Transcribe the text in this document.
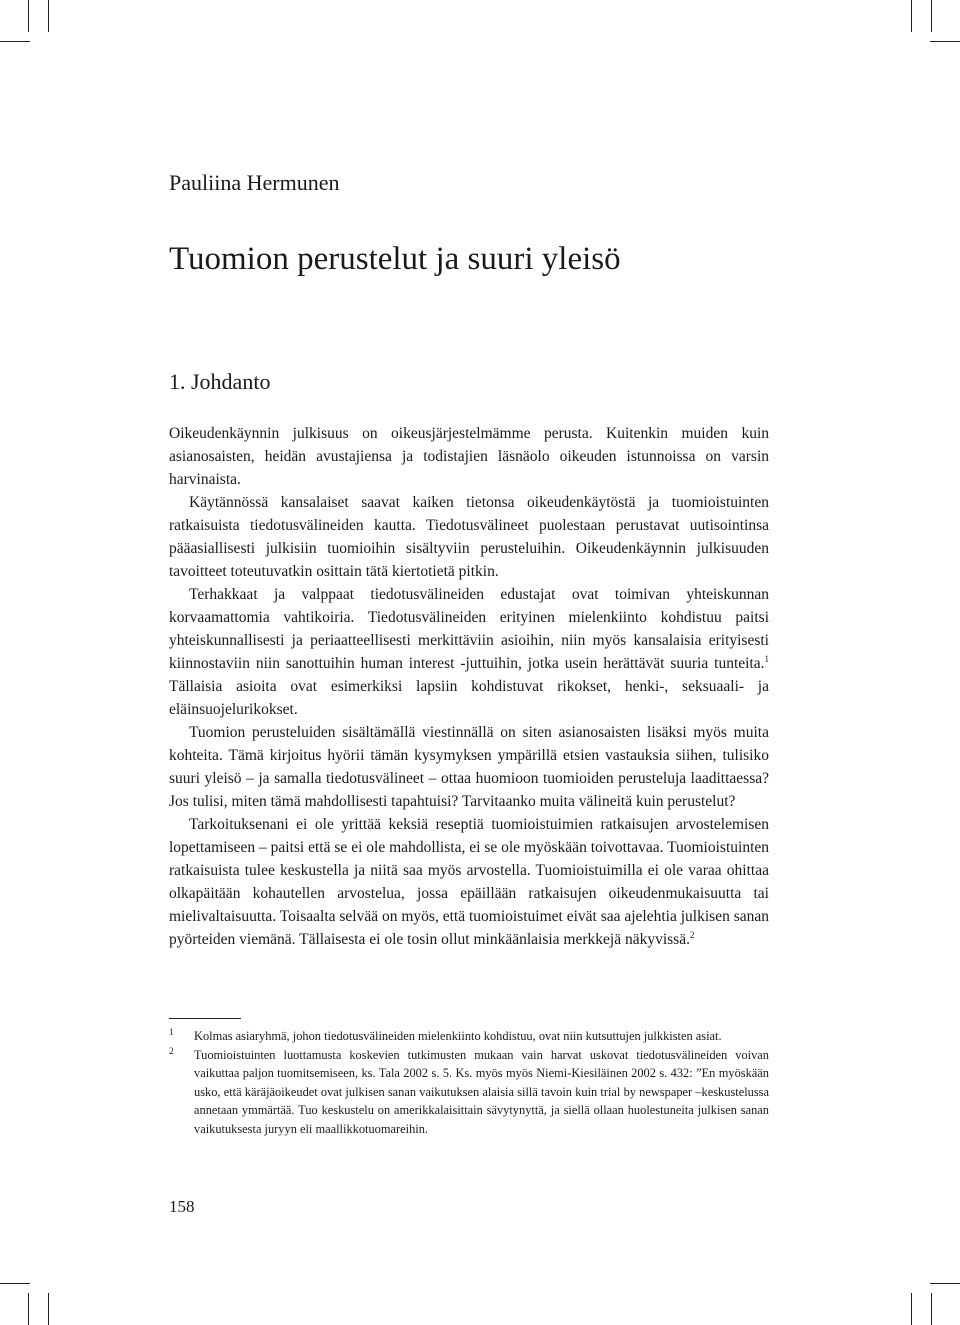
Pauliina Hermunen
Tuomion perustelut ja suuri yleisö
1. Johdanto

Oikeudenkäynnin julkisuus on oikeusjärjestelmämme perusta. Kuitenkin muiden kuin asianosaisten, heidän avustajiensa ja todistajien läsnäolo oikeuden istunnoissa on varsin harvinaista.

Käytännössä kansalaiset saavat kaiken tietonsa oikeudenkäytöstä ja tuomioistuinten ratkaisuista tiedotusvälineiden kautta. Tiedotusvälineet puolestaan perustavat uutisointinsa pääasiallisesti julkisiin tuomioihin sisältyviin perusteluihin. Oikeudenkäynnin julkisuuden tavoitteet toteutuvatkin osittain tätä kiertotietä pitkin.

Terhakkaat ja valppaat tiedotusvälineiden edustajat ovat toimivan yhteiskunnan korvaamattomia vahtikoiria. Tiedotusvälineiden erityinen mielenkiinto kohdistuu paitsi yhteiskunnallisesti ja periaatteellisesti merkittäviin asioihin, niin myös kansalaisia erityisesti kiinnostaviin niin sanottuihin human interest -juttuihin, jotka usein herättävät suuria tunteita.$^1$ Tällaisia asioita ovat esimerkiksi lapsiin kohdistuvat rikokset, henki-, seksuaali- ja eläinsuojelurikokset.

Tuomion perusteluiden sisältämällä viestinnällä on siten asianosaisten lisäksi myös muita kohteita. Tämä kirjoitus hyörii tämän kysymyksen ympärillä etsien vastauksia siihen, tulisiko suuri yleisö – ja samalla tiedotusvälineet – ottaa huomioon tuomioiden perusteluja laadittaessa? Jos tulisi, miten tämä mahdollisesti tapahtuisi? Tarvitaanko muita välineitä kuin perustelut?

Tarkoituksenani ei ole yrittää keksiä reseptiä tuomioistuimien ratkaisujen arvostelemisen lopettamiseen – paitsi että se ei ole mahdollista, ei se ole myöskään toivottavaa. Tuomioistuinten ratkaisuista tulee keskustella ja niitä saa myös arvostella. Tuomioistuimilla ei ole varaa ohittaa olkapäitään kohautellen arvostelua, jossa epäillään ratkaisujen oikeudenmukaisuutta tai mielivaltaisuutta. Toisaalta selvää on myös, että tuomioistuimet eivät saa ajelehtia julkisen sanan pyörteiden viemänä. Tällaisesta ei ole tosin ollut minkäänlaisia merkkejä näkyvissä.$^2$

1 Kolmas asiaryhmä, johon tiedotusvälineiden mielenkiinto kohdistuu, ovat niin kutsuttujen julkkisten asiat.

2 Tuomioistuinten luottamusta koskevien tutkimusten mukaan vain harvat uskovat tiedotusvälineiden voivan vaikuttaa paljon tuomitsemiseen, ks. Tala 2002 s. 5. Ks. myös myös Niemi-Kiesiläinen 2002 s. 432: ”En myöskään usko, että käräjäoikeudet ovat julkisen sanan vaikutuksen alaisia sillä tavoin kuin trial by newspaper –keskustelussa annetaan ymmärtää. Tuo keskustelu on amerikkalaisittain sävytynyttä, ja siellä ollaan huolestuneita julkisen sanan vaikutuksesta juryyn eli maallikkotuomareihin.

158
